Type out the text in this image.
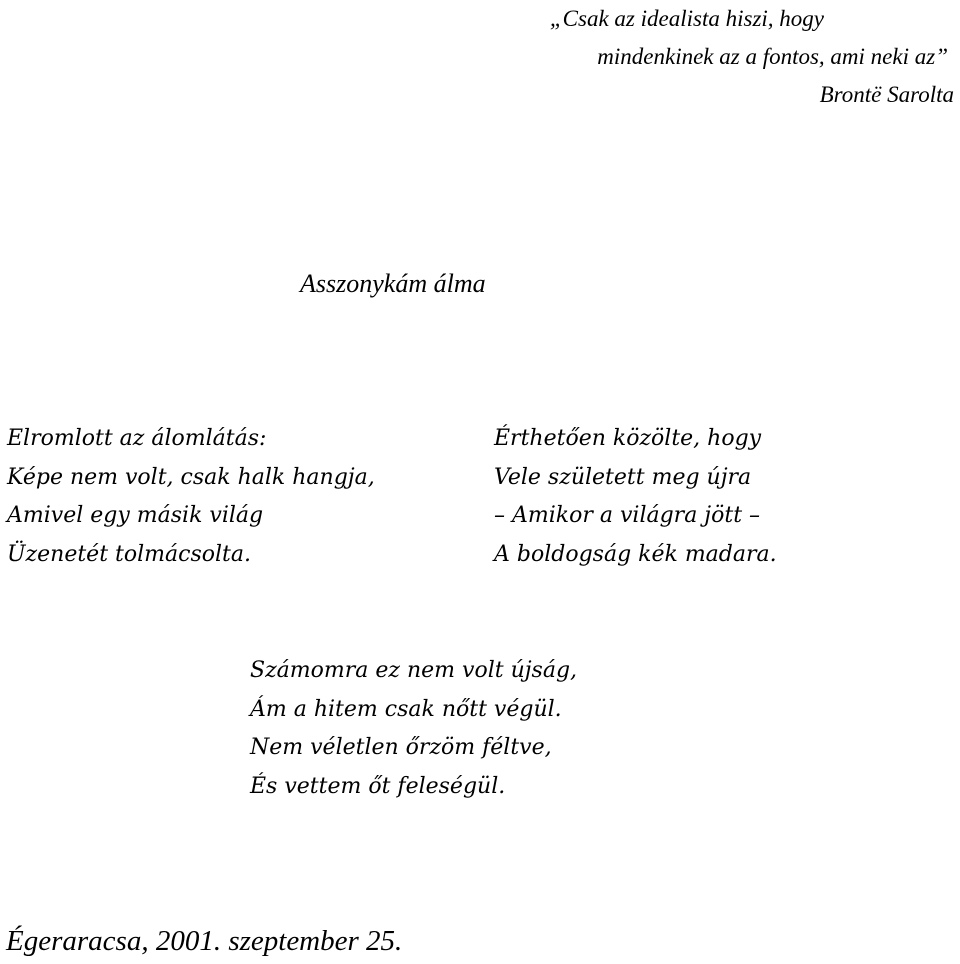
„Csak az idealista hiszi, hogy
mindenkinek az a fontos, ami neki az”
Brontë Sarolta
Asszonykám álma
Elromlott az álomlátás:
Képe nem volt, csak halk hangja,
Amivel egy másik világ
Üzenetét tolmácsolta.
Érthetően közölte, hogy
Vele született meg újra
– Amikor a világra jött –
A boldogság kék madara.
Számomra ez nem volt újság,
Ám a hitem csak nőtt végül.
Nem véletlen őrzöm féltve,
És vettem őt feleségül.
Égeraracsa, 2001. szeptember 25.
